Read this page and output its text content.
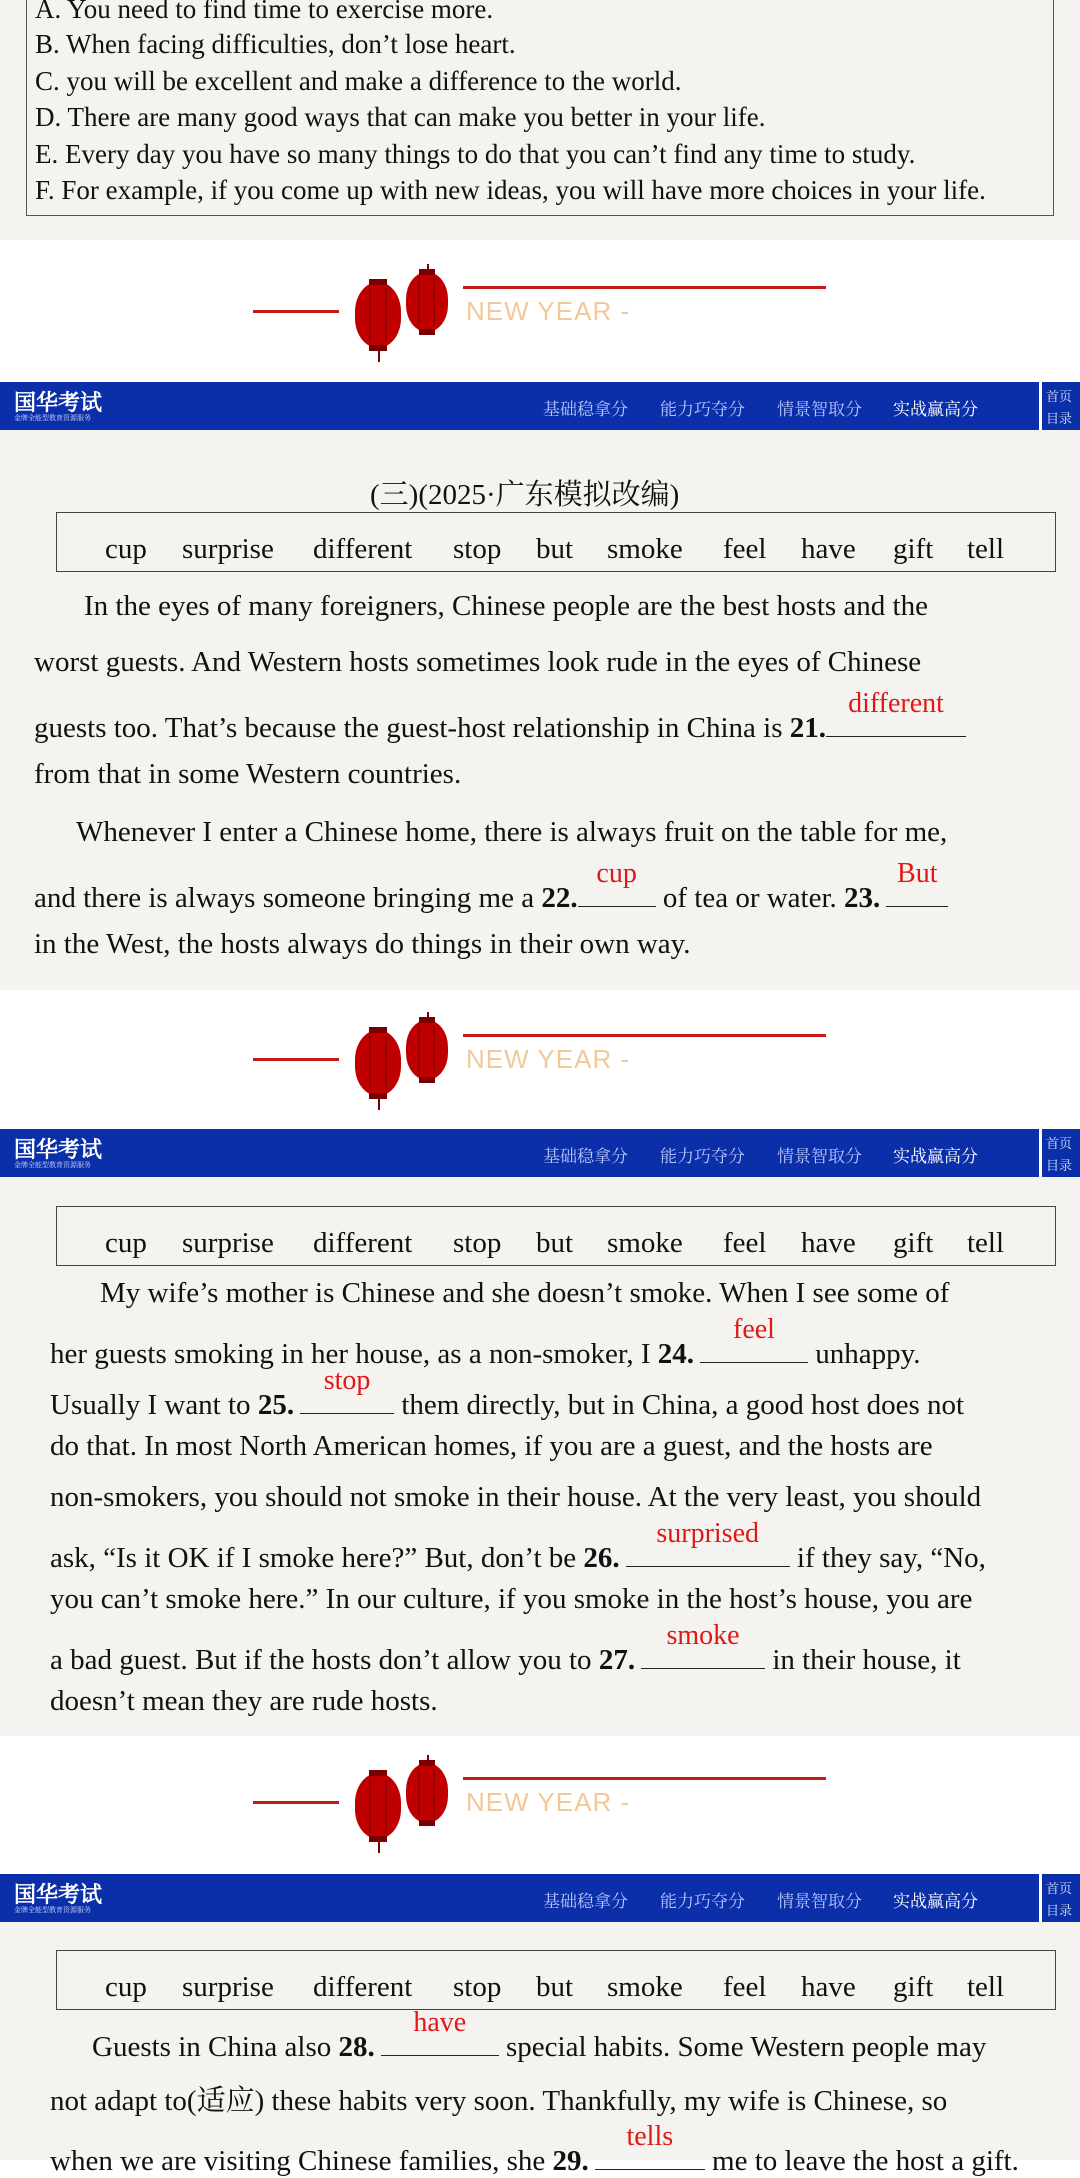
A. You need to find time to exercise more.
B. When facing difficulties, don’t lose heart.
C. you will be excellent and make a difference to the world.
D. There are many good ways that can make you better in your life.
E. Every day you have so many things to do that you can’t find any time to study.
F. For example, if you come up with new ideas, you will have more choices in your life.
NEW YEAR -
国华考试
金牌全能型教育资源服务	基础稳拿分 能力巧夺分 情景智取分 实战赢高分
首页
目录
(三)(2025·广东模拟改编)
cup surprise different stop but smoke feel have gift tell
In the eyes of many foreigners, Chinese people are the best hosts and the
worst guests. And Western hosts sometimes look rude in the eyes of Chinese
guests too. That’s because the guest-host relationship in China is 21.
different
from that in some Western countries.
Whenever I enter a Chinese home, there is always fruit on the table for me,
and there is always someone bringing me a 22.
cup
of tea or water. 23.
But
in the West, the hosts always do things in their own way.
NEW YEAR -
国华考试
金牌全能型教育资源服务	基础稳拿分 能力巧夺分 情景智取分 实战赢高分
首页
目录
cup surprise different stop but smoke feel have gift tell
My wife’s mother is Chinese and she doesn’t smoke. When I see some of
her guests smoking in her house, as a non-smoker, I 24.
feel
unhappy.
Usually I want to 25.
stop
them directly, but in China, a good host does not
do that. In most North American homes, if you are a guest, and the hosts are
non-smokers, you should not smoke in their house. At the very least, you should
ask, “Is it OK if I smoke here?” But, don’t be 26.
surprised
if they say, “No,
you can’t smoke here.” In our culture, if you smoke in the host’s house, you are
a bad guest. But if the hosts don’t allow you to 27.
smoke
in their house, it
doesn’t mean they are rude hosts.
NEW YEAR -
国华考试
金牌全能型教育资源服务	基础稳拿分 能力巧夺分 情景智取分 实战赢高分
首页
目录
cup surprise different stop but smoke feel have gift tell
Guests in China also 28.
have
special habits. Some Western people may
not adapt to(适应) these habits very soon. Thankfully, my wife is Chinese, so
when we are visiting Chinese families, she 29.
tells
me to leave the host a gift.
